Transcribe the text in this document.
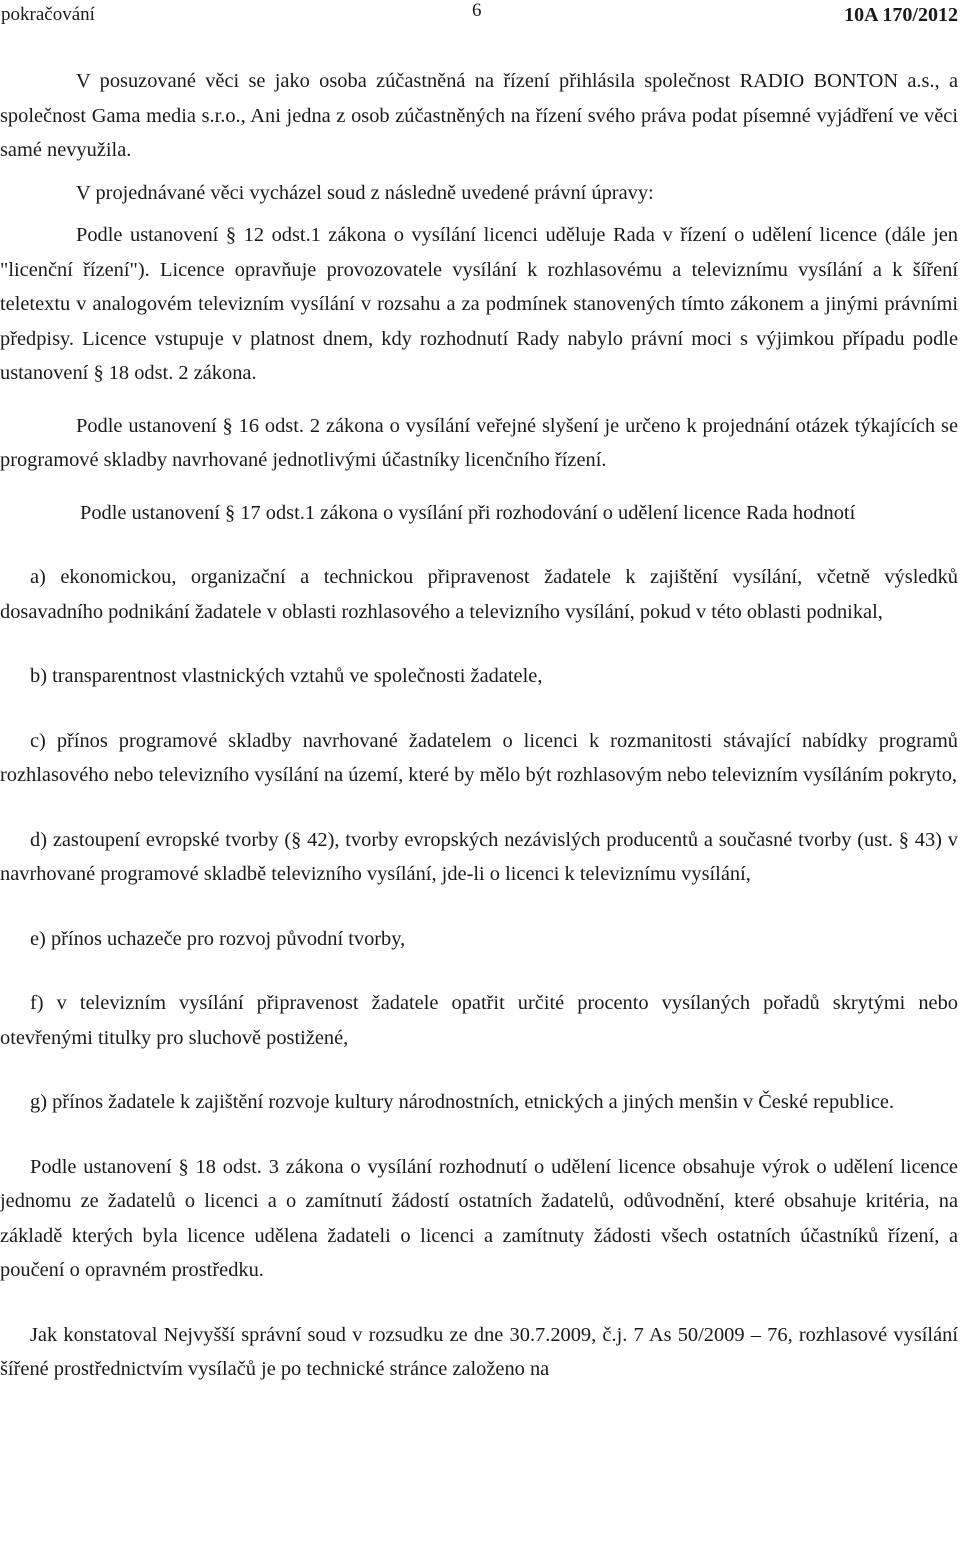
pokračování	6	10A 170/2012

V posuzované věci se jako osoba zúčastněná na řízení přihlásila společnost RADIO BONTON a.s., a společnost Gama media s.r.o., Ani jedna z osob zúčastněných na řízení svého práva podat písemné vyjádření ve věci samé nevyužila.

V projednávané věci vycházel soud z následně uvedené právní úpravy:

Podle ustanovení § 12 odst.1 zákona o vysílání licenci uděluje Rada v řízení o udělení licence (dále jen "licenční řízení"). Licence opravňuje provozovatele vysílání k rozhlasovému a televiznímu vysílání a k šíření teletextu v analogovém televizním vysílání v rozsahu a za podmínek stanovených tímto zákonem a jinými právními předpisy. Licence vstupuje v platnost dnem, kdy rozhodnutí Rady nabylo právní moci s výjimkou případu podle ustanovení § 18 odst. 2 zákona.

Podle ustanovení § 16 odst. 2 zákona o vysílání veřejné slyšení je určeno k projednání otázek týkajících se programové skladby navrhované jednotlivými účastníky licenčního řízení.

Podle ustanovení § 17 odst.1 zákona o vysílání při rozhodování o udělení licence Rada hodnotí

a) ekonomickou, organizační a technickou připravenost žadatele k zajištění vysílání, včetně výsledků dosavadního podnikání žadatele v oblasti rozhlasového a televizního vysílání, pokud v této oblasti podnikal,

b) transparentnost vlastnických vztahů ve společnosti žadatele,

c) přínos programové skladby navrhované žadatelem o licenci k rozmanitosti stávající nabídky programů rozhlasového nebo televizního vysílání na území, které by mělo být rozhlasovým nebo televizním vysíláním pokryto,

d) zastoupení evropské tvorby (§ 42), tvorby evropských nezávislých producentů a současné tvorby (ust. § 43) v navrhované programové skladbě televizního vysílání, jde-li o licenci k televiznímu vysílání,

e) přínos uchazeče pro rozvoj původní tvorby,

f) v televizním vysílání připravenost žadatele opatřit určité procento vysílaných pořadů skrytými nebo otevřenými titulky pro sluchově postižené,

g) přínos žadatele k zajištění rozvoje kultury národnostních, etnických a jiných menšin v České republice.

Podle ustanovení § 18 odst. 3 zákona o vysílání rozhodnutí o udělení licence obsahuje výrok o udělení licence jednomu ze žadatelů o licenci a o zamítnutí žádostí ostatních žadatelů, odůvodnění, které obsahuje kritéria, na základě kterých byla licence udělena žadateli o licenci a zamítnuty žádosti všech ostatních účastníků řízení, a poučení o opravném prostředku.

Jak konstatoval Nejvyšší správní soud v rozsudku ze dne 30.7.2009, č.j. 7 As 50/2009 – 76, rozhlasové vysílání šířené prostřednictvím vysílačů je po technické stránce založeno na
